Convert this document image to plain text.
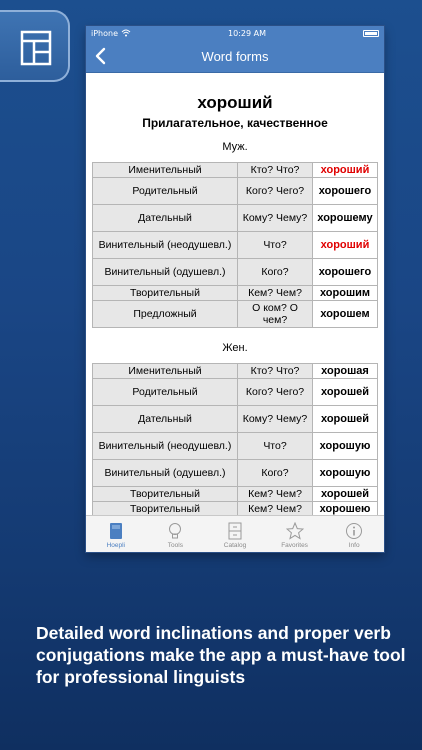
iPhone	10:29 AM
Word forms
хороший
Прилагательное, качественное
Муж.
Именительный	Кто? Что?	хороший
Родительный	Кого? Чего?	хорошего
Дательный	Кому? Чему?	хорошему
Винительный (неодушевл.)	Что?	хороший
Винительный (одушевл.)	Кого?	хорошего
Творительный	Кем? Чем?	хорошим
Предложный	О ком? О чем?	хорошем
Жен.
Именительный	Кто? Что?	хорошая
Родительный	Кого? Чего?	хорошей
Дательный	Кому? Чему?	хорошей
Винительный (неодушевл.)	Что?	хорошую
Винительный (одушевл.)	Кого?	хорошую
Творительный	Кем? Чем?	хорошей
Творительный	Кем? Чем?	хорошею

Hoepli	Tools	Catalog	Favorites	Info
Detailed word inclinations and proper verb conjugations make the app a must-have tool for professional linguists
